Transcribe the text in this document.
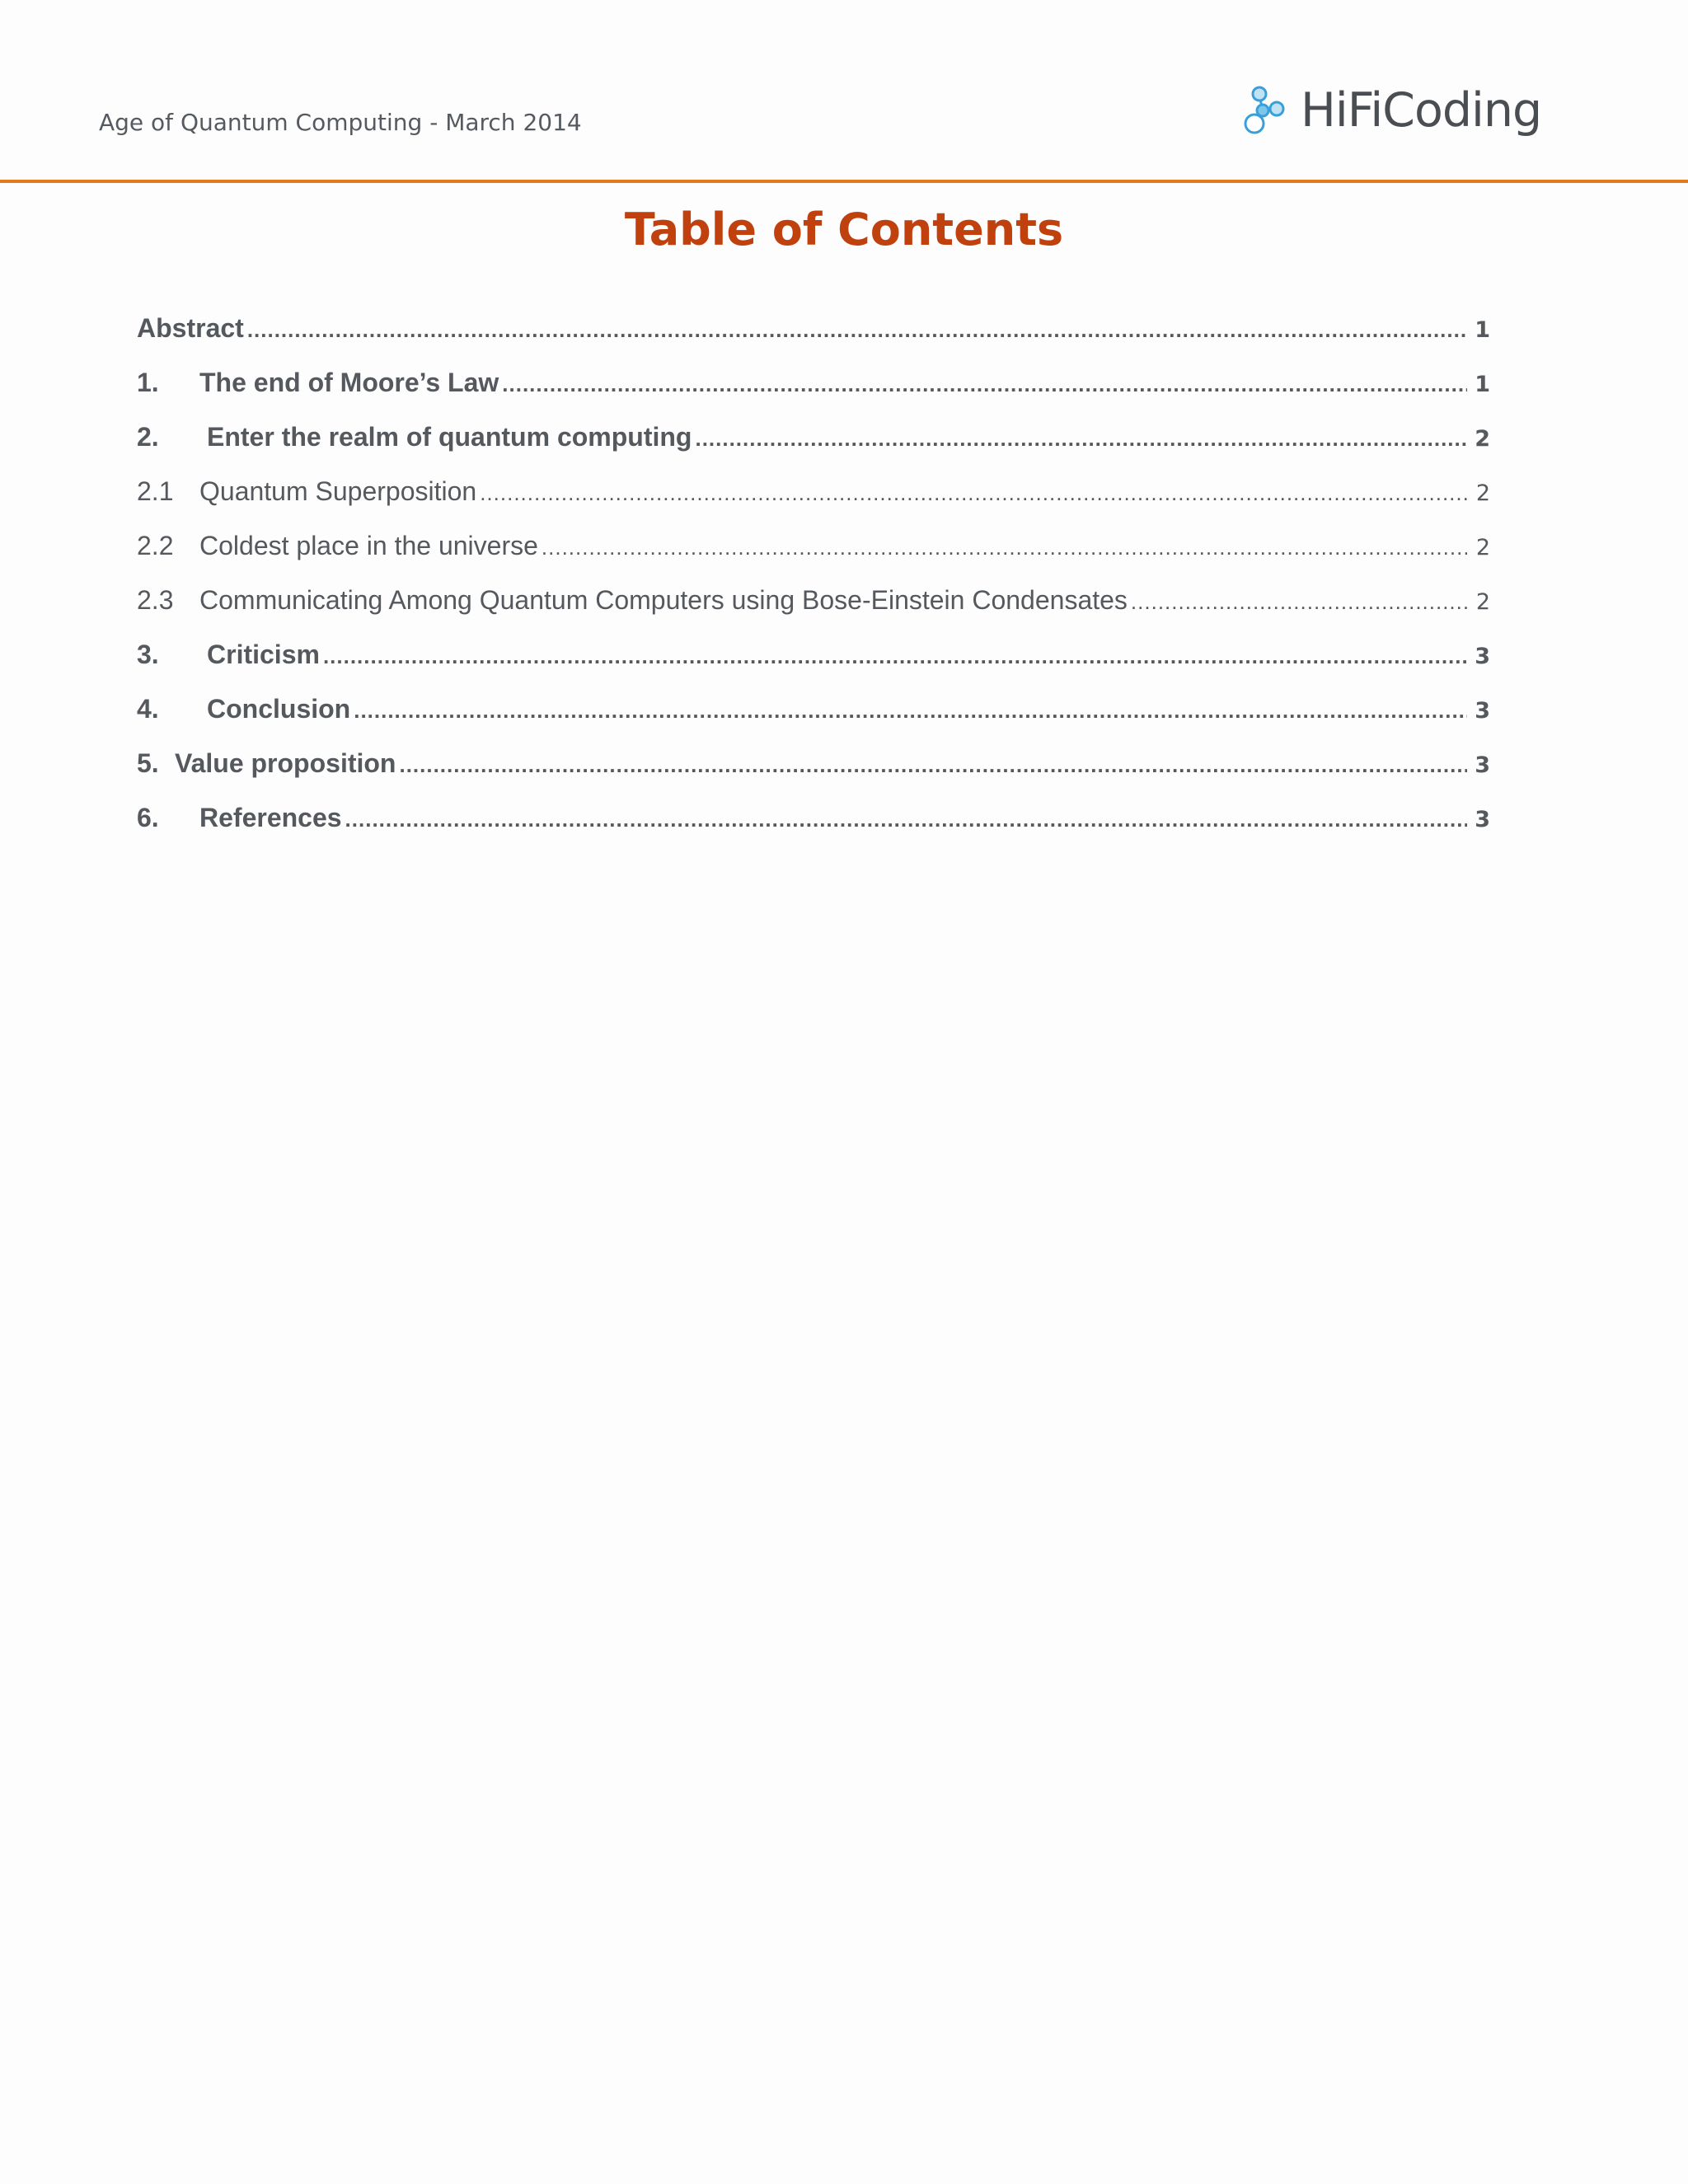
Age of Quantum Computing - March 2014	HiFiCoding
Table of Contents
Abstract .....	1
1.	The end of Moore’s Law .....	1
2.	Enter the realm of quantum computing .....	2
2.1 Quantum Superposition .....	2
2.2 Coldest place in the universe .....	2
2.3 Communicating Among Quantum Computers using Bose-Einstein Condensates .....	2
3.	Criticism .....	3
4.	Conclusion .....	3
5. Value proposition .....	3
6.	References .....	3
